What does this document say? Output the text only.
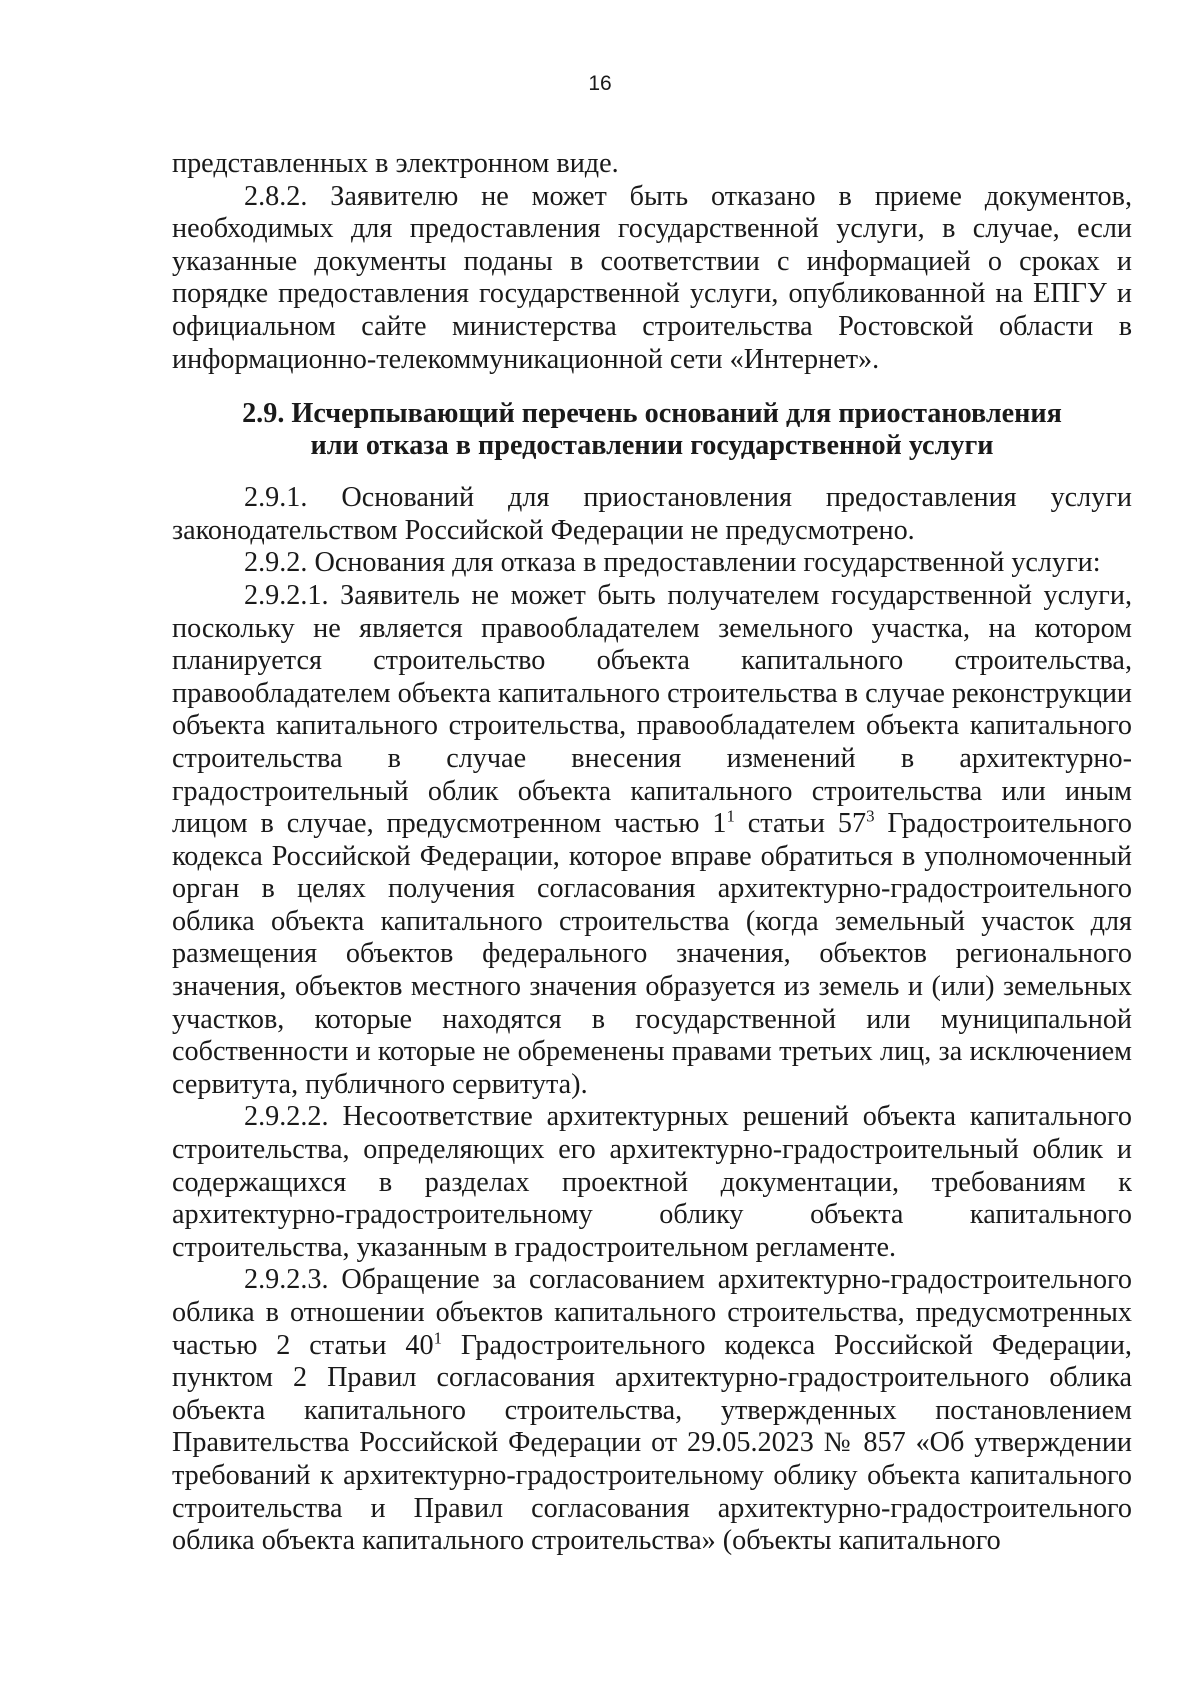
16

представленных в электронном виде.

2.8.2. Заявителю не может быть отказано в приеме документов, необходимых для предоставления государственной услуги, в случае, если указанные документы поданы в соответствии с информацией о сроках и порядке предоставления государственной услуги, опубликованной на ЕПГУ и официальном сайте министерства строительства Ростовской области в информационно-телекоммуникационной сети «Интернет».

2.9. Исчерпывающий перечень оснований для приостановления
или отказа в предоставлении государственной услуги

2.9.1. Оснований для приостановления предоставления услуги законодательством Российской Федерации не предусмотрено.

2.9.2. Основания для отказа в предоставлении государственной услуги:

2.9.2.1. Заявитель не может быть получателем государственной услуги, поскольку не является правообладателем земельного участка, на котором планируется строительство объекта капитального строительства, правообладателем объекта капитального строительства в случае реконструкции объекта капитального строительства, правообладателем объекта капитального строительства в случае внесения изменений в архитектурно-градостроительный облик объекта капитального строительства или иным лицом в случае, предусмотренном частью $1^1$ статьи $57^3$ Градостроительного кодекса Российской Федерации, которое вправе обратиться в уполномоченный орган в целях получения согласования архитектурно-градостроительного облика объекта капитального строительства (когда земельный участок для размещения объектов федерального значения, объектов регионального значения, объектов местного значения образуется из земель и (или) земельных участков, которые находятся в государственной или муниципальной собственности и которые не обременены правами третьих лиц, за исключением сервитута, публичного сервитута).

2.9.2.2. Несоответствие архитектурных решений объекта капитального строительства, определяющих его архитектурно-градостроительный облик и содержащихся в разделах проектной документации, требованиям к архитектурно-градостроительному облику объекта капитального строительства, указанным в градостроительном регламенте.

2.9.2.3. Обращение за согласованием архитектурно-градостроительного облика в отношении объектов капитального строительства, предусмотренных частью 2 статьи $40^1$ Градостроительного кодекса Российской Федерации, пунктом 2 Правил согласования архитектурно-градостроительного облика объекта капитального строительства, утвержденных постановлением Правительства Российской Федерации от 29.05.2023 № 857 «Об утверждении требований к архитектурно-градостроительному облику объекта капитального строительства и Правил согласования архитектурно-градостроительного облика объекта капитального строительства» (объекты капитального
